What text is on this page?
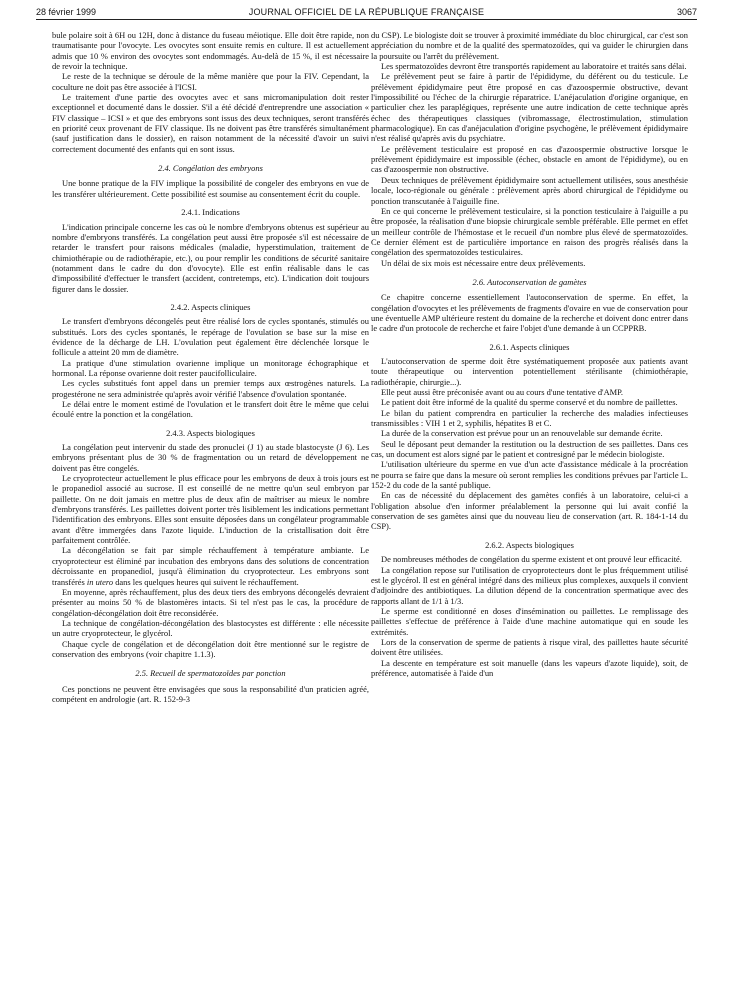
28 février 1999	JOURNAL OFFICIEL DE LA RÉPUBLIQUE FRANÇAISE	3067

bule polaire soit à 6H ou 12H, donc à distance du fuseau méiotique. Elle doit être rapide, non traumatisante pour l'ovocyte. Les ovocytes sont ensuite remis en culture. Il est actuellement admis que 10 % environ des ovocytes sont endommagés. Au-delà de 15 %, il est nécessaire de revoir la technique.

Le reste de la technique se déroule de la même manière que pour la FIV. Cependant, la coculture ne doit pas être associée à l'ICSI.

Le traitement d'une partie des ovocytes avec et sans micromanipulation doit rester exceptionnel et documenté dans le dossier. S'il a été décidé d'entreprendre une association « FIV classique – ICSI » et que des embryons sont issus des deux techniques, seront transférés en priorité ceux provenant de FIV classique. Ils ne doivent pas être transférés simultanément (sauf justification dans le dossier), en raison notamment de la nécessité d'avoir un suivi correctement documenté des enfants qui en sont issus.

2.4. Congélation des embryons

Une bonne pratique de la FIV implique la possibilité de congeler des embryons en vue de les transférer ultérieurement. Cette possibilité est soumise au consentement écrit du couple.

2.4.1. Indications

L'indication principale concerne les cas où le nombre d'embryons obtenus est supérieur au nombre d'embryons transférés. La congélation peut aussi être proposée s'il est nécessaire de retarder le transfert pour raisons médicales (maladie, hyperstimulation, traitement de chimiothérapie ou de radiothérapie, etc.), ou pour remplir les conditions de sécurité sanitaire (notamment dans le cadre du don d'ovocyte). Elle est enfin réalisable dans le cas d'impossibilité d'effectuer le transfert (accident, contretemps, etc). L'indication doit toujours figurer dans le dossier.

2.4.2. Aspects cliniques

Le transfert d'embryons décongelés peut être réalisé lors de cycles spontanés, stimulés ou substitués. Lors des cycles spontanés, le repérage de l'ovulation se base sur la mise en évidence de la décharge de LH. L'ovulation peut également être déclenchée lorsque le follicule a atteint 20 mm de diamètre.

La pratique d'une stimulation ovarienne implique un monitorage échographique et hormonal. La réponse ovarienne doit rester paucifolliculaire.

Les cycles substitués font appel dans un premier temps aux œstrogènes naturels. La progestérone ne sera administrée qu'après avoir vérifié l'absence d'ovulation spontanée.

Le délai entre le moment estimé de l'ovulation et le transfert doit être le même que celui écoulé entre la ponction et la congélation.

2.4.3. Aspects biologiques

La congélation peut intervenir du stade des pronuclei (J 1) au stade blastocyste (J 6). Les embryons présentant plus de 30 % de fragmentation ou un retard de développement ne doivent pas être congelés.

Le cryoprotecteur actuellement le plus efficace pour les embryons de deux à trois jours est le propanediol associé au sucrose. Il est conseillé de ne mettre qu'un seul embryon par paillette. On ne doit jamais en mettre plus de deux afin de maîtriser au mieux le nombre d'embryons transférés. Les paillettes doivent porter très lisiblement les indications permettant l'identification des embryons. Elles sont ensuite déposées dans un congélateur programmable avant d'être immergées dans l'azote liquide. L'induction de la cristallisation doit être parfaitement contrôlée.

La décongélation se fait par simple réchauffement à température ambiante. Le cryoprotecteur est éliminé par incubation des embryons dans des solutions de concentration décroissante en propanediol, jusqu'à élimination du cryoprotecteur. Les embryons sont transférés in utero dans les quelques heures qui suivent le réchauffement.

En moyenne, après réchauffement, plus des deux tiers des embryons décongelés devraient présenter au moins 50 % de blastomères intacts. Si tel n'est pas le cas, la procédure de congélation-décongélation doit être reconsidérée.

La technique de congélation-décongélation des blastocystes est différente : elle nécessite un autre cryoprotecteur, le glycérol.

Chaque cycle de congélation et de décongélation doit être mentionné sur le registre de conservation des embryons (voir chapitre 1.1.3).

2.5. Recueil de spermatozoïdes par ponction

Ces ponctions ne peuvent être envisagées que sous la responsabilité d'un praticien agréé, compétent en andrologie (art. R. 152-9-3

du CSP). Le biologiste doit se trouver à proximité immédiate du bloc chirurgical, car c'est son appréciation du nombre et de la qualité des spermatozoïdes, qui va guider le chirurgien dans la poursuite ou l'arrêt du prélèvement.

Les spermatozoïdes devront être transportés rapidement au laboratoire et traités sans délai.

Le prélèvement peut se faire à partir de l'épididyme, du déférent ou du testicule. Le prélèvement épididymaire peut être proposé en cas d'azoospermie obstructive, devant l'impossibilité ou l'échec de la chirurgie réparatrice. L'anéjaculation d'origine organique, en particulier chez les paraplégiques, représente une autre indication de cette technique après échec des thérapeutiques classiques (vibromassage, électrostimulation, stimulation pharmacologique). En cas d'anéjaculation d'origine psychogène, le prélèvement épididymaire n'est réalisé qu'après avis du psychiatre.

Le prélèvement testiculaire est proposé en cas d'azoospermie obstructive lorsque le prélèvement épididymaire est impossible (échec, obstacle en amont de l'épididyme), ou en cas d'azoospermie non obstructive.

Deux techniques de prélèvement épididymaire sont actuellement utilisées, sous anesthésie locale, loco-régionale ou générale : prélèvement après abord chirurgical de l'épididyme ou ponction transcutanée à l'aiguille fine.

En ce qui concerne le prélèvement testiculaire, si la ponction testiculaire à l'aiguille a pu être proposée, la réalisation d'une biopsie chirurgicale semble préférable. Elle permet en effet un meilleur contrôle de l'hémostase et le recueil d'un nombre plus élevé de spermatozoïdes. Ce dernier élément est de particulière importance en raison des progrès réalisés dans la congélation des spermatozoïdes testiculaires.

Un délai de six mois est nécessaire entre deux prélèvements.

2.6. Autoconservation de gamètes

Ce chapitre concerne essentiellement l'autoconservation de sperme. En effet, la congélation d'ovocytes et les prélèvements de fragments d'ovaire en vue de conservation pour une éventuelle AMP ultérieure restent du domaine de la recherche et doivent donc entrer dans le cadre d'un protocole de recherche et faire l'objet d'une demande à un CCPPRB.

2.6.1. Aspects cliniques

L'autoconservation de sperme doit être systématiquement proposée aux patients avant toute thérapeutique ou intervention potentiellement stérilisante (chimiothérapie, radiothérapie, chirurgie...).

Elle peut aussi être préconisée avant ou au cours d'une tentative d'AMP.

Le patient doit être informé de la qualité du sperme conservé et du nombre de paillettes.

Le bilan du patient comprendra en particulier la recherche des maladies infectieuses transmissibles : VIH 1 et 2, syphilis, hépatites B et C.

La durée de la conservation est prévue pour un an renouvelable sur demande écrite.

Seul le déposant peut demander la restitution ou la destruction de ses paillettes. Dans ces cas, un document est alors signé par le patient et contresigné par le médecin biologiste.

L'utilisation ultérieure du sperme en vue d'un acte d'assistance médicale à la procréation ne pourra se faire que dans la mesure où seront remplies les conditions prévues par l'article L. 152-2 du code de la santé publique.

En cas de nécessité du déplacement des gamètes confiés à un laboratoire, celui-ci a l'obligation absolue d'en informer préalablement la personne qui lui avait confié la conservation de ses gamètes ainsi que du nouveau lieu de conservation (art. R. 184-1-14 du CSP).

2.6.2. Aspects biologiques

De nombreuses méthodes de congélation du sperme existent et ont prouvé leur efficacité.

La congélation repose sur l'utilisation de cryoprotecteurs dont le plus fréquemment utilisé est le glycérol. Il est en général intégré dans des milieux plus complexes, auxquels il convient d'adjoindre des antibiotiques. La dilution dépend de la concentration spermatique avec des rapports allant de 1/1 à 1/3.

Le sperme est conditionné en doses d'insémination ou paillettes. Le remplissage des paillettes s'effectue de préférence à l'aide d'une machine automatique qui en soude les extrémités.

Lors de la conservation de sperme de patients à risque viral, des paillettes haute sécurité doivent être utilisées.

La descente en température est soit manuelle (dans les vapeurs d'azote liquide), soit, de préférence, automatisée à l'aide d'un
